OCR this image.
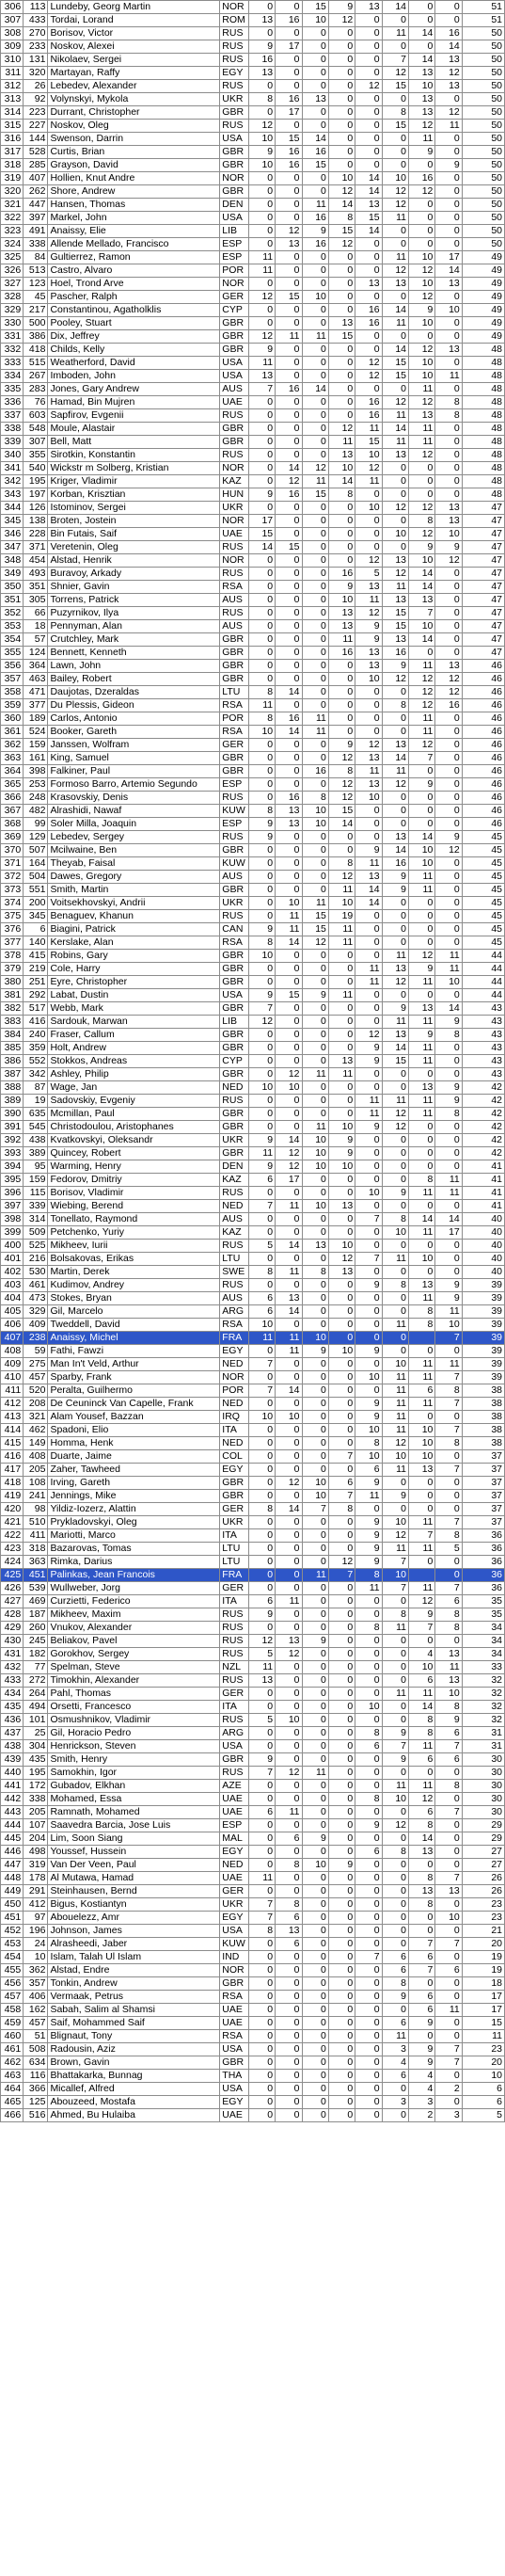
306	113	Lundeby, Georg Martin	NOR	0	0	15	9	13	14	0	0	51
307	433	Tordai, Lorand	ROM	13	16	10	12	0	0	0	0	51
308	270	Borisov, Victor	RUS	0	0	0	0	0	11	14	16	50
309	233	Noskov, Alexei	RUS	9	17	0	0	0	0	0	14	50
310	131	Nikolaev, Sergei	RUS	16	0	0	0	0	7	14	13	50
311	320	Martayan, Raffy	EGY	13	0	0	0	0	12	13	12	50
312	26	Lebedev, Alexander	RUS	0	0	0	0	12	15	10	13	50
313	92	Volynskyi, Mykola	UKR	8	16	13	0	0	0	13	0	50
314	223	Durrant, Christopher	GBR	0	17	0	0	0	8	13	12	50
315	227	Noskov, Oleg	RUS	12	0	0	0	0	15	12	11	50
316	144	Swenson, Darrin	USA	10	15	14	0	0	0	11	0	50
317	528	Curtis, Brian	GBR	9	16	16	0	0	0	9	0	50
318	285	Grayson, David	GBR	10	16	15	0	0	0	0	9	50
319	407	Hollien, Knut Andre	NOR	0	0	0	10	14	10	16	0	50
320	262	Shore, Andrew	GBR	0	0	0	12	14	12	12	0	50
321	447	Hansen, Thomas	DEN	0	0	11	14	13	12	0	0	50
322	397	Markel, John	USA	0	0	16	8	15	11	0	0	50
323	491	Anaissy, Elie	LIB	0	12	9	15	14	0	0	0	50
324	338	Allende Mellado, Francisco	ESP	0	13	16	12	0	0	0	0	50
325	84	Gultierrez, Ramon	ESP	11	0	0	0	0	11	10	17	49
326	513	Castro, Alvaro	POR	11	0	0	0	0	12	12	14	49
327	123	Hoel, Trond Arve	NOR	0	0	0	0	13	13	10	13	49
328	45	Pascher, Ralph	GER	12	15	10	0	0	0	12	0	49
329	217	Constantinou, Agatholklis	CYP	0	0	0	0	16	14	9	10	49
330	500	Pooley, Stuart	GBR	0	0	0	13	16	11	10	0	49
331	386	Dix, Jeffrey	GBR	12	11	11	15	0	0	0	0	49
332	418	Childs, Kelly	GBR	9	0	0	0	0	14	12	13	48
333	515	Weatherford, David	USA	11	0	0	0	12	15	10	0	48
334	267	Imboden, John	USA	13	0	0	0	12	15	10	11	48
335	283	Jones, Gary Andrew	AUS	7	16	14	0	0	0	11	0	48
336	76	Hamad, Bin Mujren	UAE	0	0	0	0	16	12	12	8	48
337	603	Sapfirov, Evgenii	RUS	0	0	0	0	16	11	13	8	48
338	548	Moule, Alastair	GBR	0	0	0	12	11	14	11	0	48
339	307	Bell, Matt	GBR	0	0	0	11	15	11	11	0	48
340	355	Sirotkin, Konstantin	RUS	0	0	0	13	10	13	12	0	48
341	540	Wickstr m Solberg, Kristian	NOR	0	14	12	10	12	0	0	0	48
342	195	Kriger, Vladimir	KAZ	0	12	11	14	11	0	0	0	48
343	197	Korban, Krisztian	HUN	9	16	15	8	0	0	0	0	48
344	126	Istominov, Sergei	UKR	0	0	0	0	10	12	12	13	47
345	138	Broten, Jostein	NOR	17	0	0	0	0	0	8	13	47
346	228	Bin Futais, Saif	UAE	15	0	0	0	0	10	12	10	47
347	371	Veretenin, Oleg	RUS	14	15	0	0	0	0	9	9	47
348	454	Alstad, Henrik	NOR	0	0	0	0	12	13	10	12	47
349	493	Buravoy, Arkady	RUS	0	0	0	16	5	12	14	0	47
350	351	Shnier, Gavin	RSA	0	0	0	9	13	11	14	0	47
351	305	Torrens, Patrick	AUS	0	0	0	10	11	13	13	0	47
352	66	Puzyrnikov, Ilya	RUS	0	0	0	13	12	15	7	0	47
353	18	Pennyman, Alan	AUS	0	0	0	13	9	15	10	0	47
354	57	Crutchley, Mark	GBR	0	0	0	11	9	13	14	0	47
355	124	Bennett, Kenneth	GBR	0	0	0	16	13	16	0	0	47
356	364	Lawn, John	GBR	0	0	0	0	13	9	11	13	46
357	463	Bailey, Robert	GBR	0	0	0	0	10	12	12	12	46
358	471	Daujotas, Dzeraldas	LTU	8	14	0	0	0	0	12	12	46
359	377	Du Plessis, Gideon	RSA	11	0	0	0	0	8	12	16	46
360	189	Carlos, Antonio	POR	8	16	11	0	0	0	11	0	46
361	524	Booker, Gareth	RSA	10	14	11	0	0	0	11	0	46
362	159	Janssen, Wolfram	GER	0	0	0	9	12	13	12	0	46
363	161	King, Samuel	GBR	0	0	0	12	13	14	7	0	46
364	398	Falkiner, Paul	GBR	0	0	16	8	11	11	0	0	46
365	253	Formoso Barro, Artemio Segundo	ESP	0	0	0	12	13	12	9	0	46
366	248	Krasovskiy, Denis	RUS	0	16	8	12	10	0	0	0	46
367	482	Alrashidi, Nawaf	KUW	8	13	10	15	0	0	0	0	46
368	99	Soler Milla, Joaquin	ESP	9	13	10	14	0	0	0	0	46
369	129	Lebedev, Sergey	RUS	9	0	0	0	0	13	14	9	45
370	507	Mcilwaine, Ben	GBR	0	0	0	0	9	14	10	12	45
371	164	Theyab, Faisal	KUW	0	0	0	8	11	16	10	0	45
372	504	Dawes, Gregory	AUS	0	0	0	12	13	9	11	0	45
373	551	Smith, Martin	GBR	0	0	0	11	14	9	11	0	45
374	200	Voitsekhovskyi, Andrii	UKR	0	10	11	10	14	0	0	0	45
375	345	Benaguev, Khanun	RUS	0	11	15	19	0	0	0	0	45
376	6	Biagini, Patrick	CAN	9	11	15	11	0	0	0	0	45
377	140	Kerslake, Alan	RSA	8	14	12	11	0	0	0	0	45
378	415	Robins, Gary	GBR	10	0	0	0	0	11	12	11	44
379	219	Cole, Harry	GBR	0	0	0	0	11	13	9	11	44
380	251	Eyre, Christopher	GBR	0	0	0	0	11	12	11	10	44
381	292	Labat, Dustin	USA	9	15	9	11	0	0	0	0	44
382	517	Webb, Mark	GBR	7	0	0	0	0	9	13	14	43
383	416	Sardouk, Marwan	LIB	12	0	0	0	0	11	11	9	43
384	240	Fraser, Callum	GBR	0	0	0	0	12	13	9	8	43
385	359	Holt, Andrew	GBR	0	0	0	0	9	14	11	0	43
386	552	Stokkos, Andreas	CYP	0	0	0	13	9	15	11	0	43
387	342	Ashley, Philip	GBR	0	12	11	11	0	0	0	0	43
388	87	Wage, Jan	NED	10	10	0	0	0	0	13	9	42
389	19	Sadovskiy, Evgeniy	RUS	0	0	0	0	11	11	11	9	42
390	635	Mcmillan, Paul	GBR	0	0	0	0	11	12	11	8	42
391	545	Christodoulou, Aristophanes	GBR	0	0	11	10	9	12	0	0	42
392	438	Kvatkovskyi, Oleksandr	UKR	9	14	10	9	0	0	0	0	42
393	389	Quincey, Robert	GBR	11	12	10	9	0	0	0	0	42
394	95	Warming, Henry	DEN	9	12	10	10	0	0	0	0	41
395	159	Fedorov, Dmitriy	KAZ	6	17	0	0	0	0	8	11	41
396	115	Borisov, Vladimir	RUS	0	0	0	0	10	9	11	11	41
397	339	Wiebing, Berend	NED	7	11	10	13	0	0	0	0	41
398	314	Tonellato, Raymond	AUS	0	0	0	0	7	8	14	14	40
399	509	Petchenko, Yuriy	KAZ	0	0	0	0	0	10	11	17	40
400	525	Mikheev, Iurii	RUS	5	14	13	10	0	0	0	0	40
401	216	Bolsakovas, Erikas	LTU	0	0	0	12	7	11	10	0	40
402	530	Martin, Derek	SWE	8	11	8	13	0	0	0	0	40
403	461	Kudimov, Andrey	RUS	0	0	0	0	9	8	13	9	39
404	473	Stokes, Bryan	AUS	6	13	0	0	0	0	11	9	39
405	329	Gil, Marcelo	ARG	6	14	0	0	0	0	8	11	39
406	409	Tweddell, David	RSA	10	0	0	0	0	11	8	10	39
407	238	Anaissy, Michel	FRA	11	11	10	0	0	0		7	39
408	59	Fathi, Fawzi	EGY	0	11	9	10	9	0	0	0	39
409	275	Man In't Veld, Arthur	NED	7	0	0	0	0	10	11	11	39
410	457	Sparby, Frank	NOR	0	0	0	0	10	11	11	7	39
411	520	Peralta, Guilhermo	POR	7	14	0	0	0	11	6	8	38
412	208	De Ceuninck Van Capelle, Frank	NED	0	0	0	0	9	11	11	7	38
413	321	Alam Yousef, Bazzan	IRQ	10	10	0	0	9	11	0	0	38
414	462	Spadoni, Elio	ITA	0	0	0	0	10	11	10	7	38
415	149	Homma, Henk	NED	0	0	0	0	8	12	10	8	38
416	408	Duarte, Jaime	COL	0	0	0	7	10	10	10	0	37
417	205	Zaher, Tawheed	EGY	0	0	0	0	6	11	13	7	37
418	108	Irving, Gareth	GBR	0	12	10	6	9	0	0	0	37
419	241	Jennings, Mike	GBR	0	0	10	7	11	9	0	0	37
420	98	Yildiz-Iozerz, Alattin	GER	8	14	7	8	0	0	0	0	37
421	510	Prykladovskyi, Oleg	UKR	0	0	0	0	9	10	11	7	37
422	411	Mariotti, Marco	ITA	0	0	0	0	9	12	7	8	36
423	318	Bazarovas, Tomas	LTU	0	0	0	0	9	11	11	5	36
424	363	Rimka, Darius	LTU	0	0	0	12	9	7	0	0	36
425	451	Palinkas, Jean Francois	FRA	0	0	11	7	8	10		0	36
426	539	Wullweber, Jorg	GER	0	0	0	0	11	7	11	7	36
427	469	Curzietti, Federico	ITA	6	11	0	0	0	0	12	6	35
428	187	Mikheev, Maxim	RUS	9	0	0	0	0	8	9	8	35
429	260	Vnukov, Alexander	RUS	0	0	0	0	8	11	7	8	34
430	245	Beliakov, Pavel	RUS	12	13	9	0	0	0	0	0	34
431	182	Gorokhov, Sergey	RUS	5	12	0	0	0	0	4	13	34
432	77	Spelman, Steve	NZL	11	0	0	0	0	0	10	11	33
433	272	Timokhin, Alexander	RUS	13	0	0	0	0	0	6	13	32
434	264	Pahl, Thomas	GER	0	0	0	0	0	11	11	10	32
435	494	Orsetti, Francesco	ITA	0	0	0	0	10	0	14	8	32
436	101	Osmushnikov, Vladimir	RUS	5	10	0	0	0	0	8	9	32
437	25	Gil, Horacio Pedro	ARG	0	0	0	0	8	9	8	6	31
438	304	Henrickson, Steven	USA	0	0	0	0	6	7	11	7	31
439	435	Smith, Henry	GBR	9	0	0	0	0	9	6	6	30
440	195	Samokhin, Igor	RUS	7	12	11	0	0	0	0	0	30
441	172	Gubadov, Elkhan	AZE	0	0	0	0	0	11	11	8	30
442	338	Mohamed, Essa	UAE	0	0	0	0	8	10	12	0	30
443	205	Ramnath, Mohamed	UAE	6	11	0	0	0	0	6	7	30
444	107	Saavedra Barcia, Jose Luis	ESP	0	0	0	0	9	12	8	0	29
445	204	Lim, Soon Siang	MAL	0	6	9	0	0	0	14	0	29
446	498	Youssef, Hussein	EGY	0	0	0	0	6	8	13	0	27
447	319	Van Der Veen, Paul	NED	0	8	10	9	0	0	0	0	27
448	178	Al Mutawa, Hamad	UAE	11	0	0	0	0	0	8	7	26
449	291	Steinhausen, Bernd	GER	0	0	0	0	0	0	13	13	26
450	412	Bigus, Kostiantyn	UKR	7	8	0	0	0	0	8	0	23
451	97	Abouelezz, Amr	EGY	7	6	0	0	0	0	0	10	23
452	196	Johnson, James	USA	8	13	0	0	0	0	0	0	21
453	24	Alrasheedi, Jaber	KUW	0	6	0	0	0	0	7	7	20
454	10	Islam, Talah Ul Islam	IND	0	0	0	0	7	6	6	0	19
455	362	Alstad, Endre	NOR	0	0	0	0	0	6	7	6	19
456	357	Tonkin, Andrew	GBR	0	0	0	0	0	8	0	0	18
457	406	Vermaak, Petrus	RSA	0	0	0	0	0	9	6	0	17
458	162	Sabah, Salim al Shamsi	UAE	0	0	0	0	0	0	6	11	17
459	457	Saif, Mohammed Saif	UAE	0	0	0	0	0	6	9	0	15
460	51	Blignaut, Tony	RSA	0	0	0	0	0	11	0	0	11
461	508	Radousin, Aziz	USA	0	0	0	0	0	3	9	7	23
462	634	Brown, Gavin	GBR	0	0	0	0	0	4	9	7	20
463	116	Bhattakarka, Bunnag	THA	0	0	0	0	0	6	4	0	10
464	366	Micallef, Alfred	USA	0	0	0	0	0	0	4	2	6
465	125	Abouzeed, Mostafa	EGY	0	0	0	0	0	3	3	0	6
466	516	Ahmed, Bu Hulaiba	UAE	0	0	0	0	0	0	2	3	5
